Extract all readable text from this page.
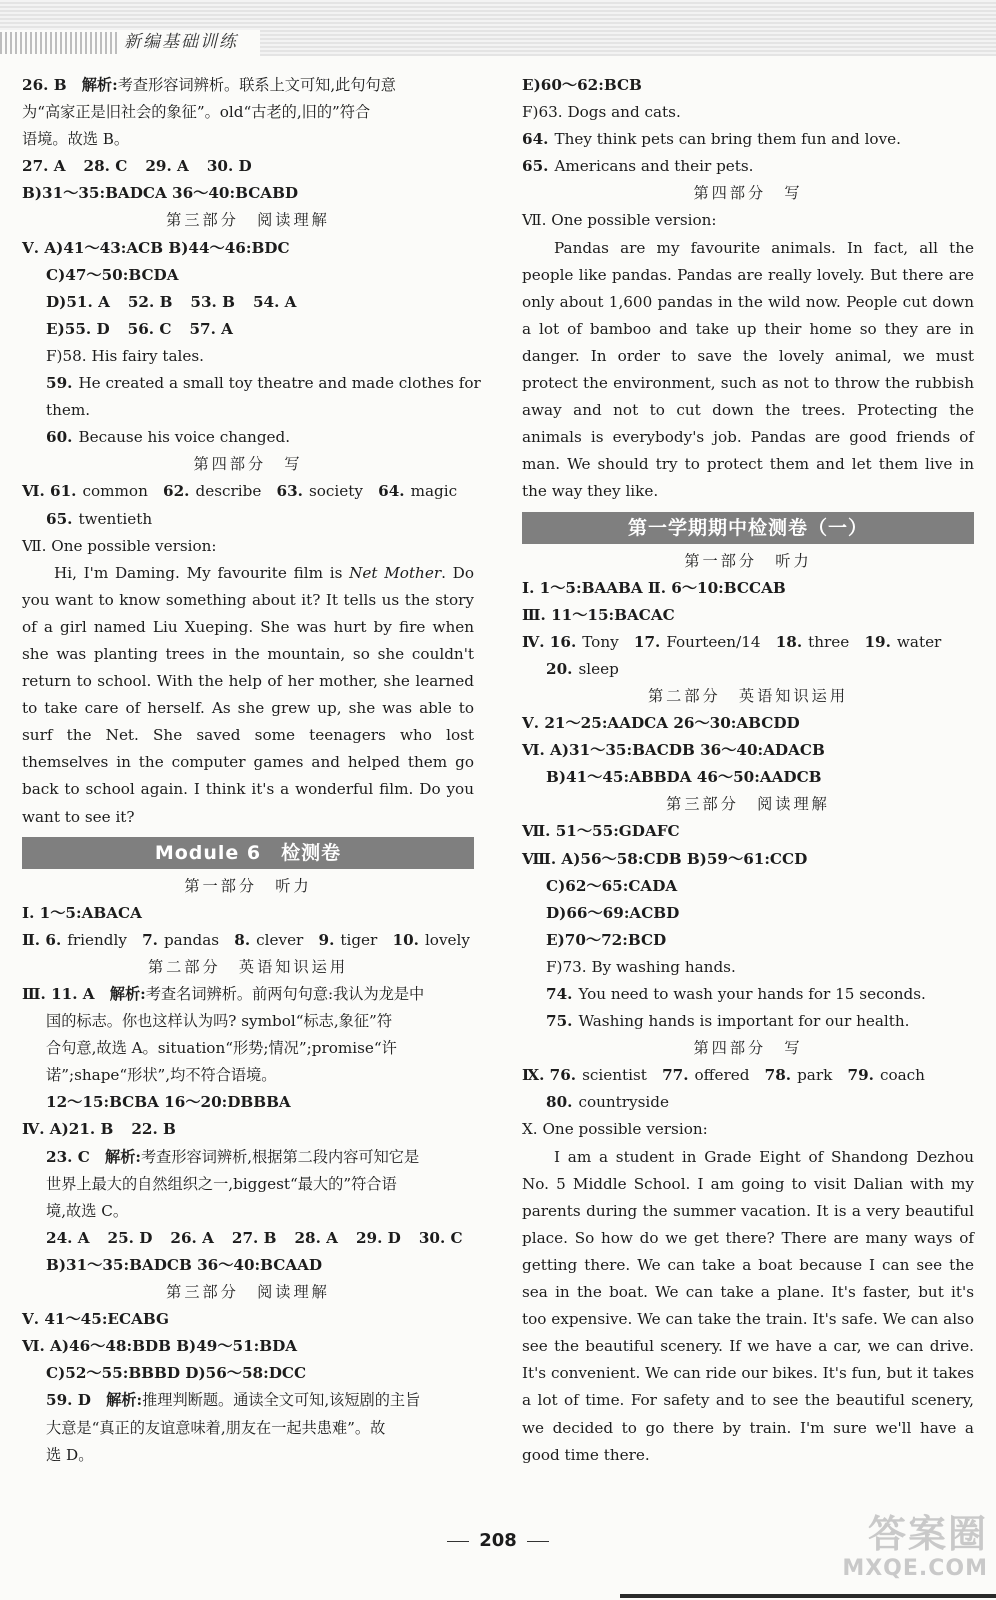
新编基础训练
26. B　 解析:考查形容词辨析。联系上文可知,此句句意
为“高家正是旧社会的象征”。old“古老的,旧的”符合
语境。故选 B。
27. A 28. C 29. A 30. D
B)31～35:BADCA 36～40:BCABD
第三部分　阅读理解
Ⅴ. A)41～43:ACB B)44～46:BDC
C)47～50:BCDA
D)51. A 52. B 53. B 54. A
E)55. D 56. C 57. A
F)58. His fairy tales.
59. He created a small toy theatre and made clothes for
them.
60. Because his voice changed.
第四部分　写
Ⅵ. 61. common　 62. describe　 63. society　 64. magic
65. twentieth
Ⅶ. One possible version:
Hi, I'm Daming. My favourite film is Net Mother. Do you want to know something about it? It tells us the story of a girl named Liu Xueping. She was hurt by fire when she was planting trees in the mountain, so she couldn't return to school. With the help of her mother, she learned to take care of herself. As she grew up, she was able to surf the Net. She saved some teenagers who lost themselves in the computer games and helped them go back to school again. I think it's a wonderful film. Do you want to see it?
Module 6　检测卷
第一部分　听力
Ⅰ. 1～5:ABACA
Ⅱ. 6. friendly　 7. pandas　 8. clever　 9. tiger　 10. lovely
第二部分　英语知识运用
Ⅲ. 11. A　 解析:考查名词辨析。前两句句意:我认为龙是中
国的标志。你也这样认为吗? symbol“标志,象征”符
合句意,故选 A。situation“形势;情况”;promise“许
诺”;shape“形状”,均不符合语境。
12～15:BCBA 16～20:DBBBA
Ⅳ. A)21. B 22. B
23. C　 解析:考查形容词辨析,根据第二段内容可知它是
世界上最大的自然组织之一,biggest“最大的”符合语
境,故选 C。
24. A 25. D 26. A 27. B 28. A 29. D 30. C
B)31～35:BADCB 36～40:BCAAD
第三部分　阅读理解
Ⅴ. 41～45:ECABG
Ⅵ. A)46～48:BDB B)49～51:BDA
C)52～55:BBBD D)56～58:DCC
59. D　 解析:推理判断题。通读全文可知,该短剧的主旨
大意是“真正的友谊意味着,朋友在一起共患难”。故
选 D。
E)60～62:BCB
F)63. Dogs and cats.
64. They think pets can bring them fun and love.
65. Americans and their pets.
第四部分　写
Ⅶ. One possible version:
Pandas are my favourite animals. In fact, all the people like pandas. Pandas are really lovely. But there are only about 1,600 pandas in the wild now. People cut down a lot of bamboo and take up their home so they are in danger. In order to save the lovely animal, we must protect the environment, such as not to throw the rubbish away and not to cut down the trees. Protecting the animals is everybody's job. Pandas are good friends of man. We should try to protect them and let them live in the way they like.
第一学期期中检测卷（一）
第一部分　听力
Ⅰ. 1～5:BAABA Ⅱ. 6～10:BCCAB
Ⅲ. 11～15:BACAC
Ⅳ. 16. Tony　 17. Fourteen/14　 18. three　 19. water
20. sleep
第二部分　英语知识运用
Ⅴ. 21～25:AADCA 26～30:ABCDD
Ⅵ. A)31～35:BACDB 36～40:ADACB
B)41～45:ABBDA 46～50:AADCB
第三部分　阅读理解
Ⅶ. 51～55:GDAFC
Ⅷ. A)56～58:CDB B)59～61:CCD
C)62～65:CADA
D)66～69:ACBD
E)70～72:BCD
F)73. By washing hands.
74. You need to wash your hands for 15 seconds.
75. Washing hands is important for our health.
第四部分　写
Ⅸ. 76. scientist　 77. offered　 78. park　 79. coach
80. countryside
Ⅹ. One possible version:
I am a student in Grade Eight of Shandong Dezhou No. 5 Middle School. I am going to visit Dalian with my parents during the summer vacation. It is a very beautiful place. So how do we get there? There are many ways of getting there. We can take a boat because I can see the sea in the boat. We can take a plane. It's faster, but it's too expensive. We can take the train. It's safe. We can also see the beautiful scenery. If we have a car, we can drive. It's convenient. We can ride our bikes. It's fun, but it takes a lot of time. For safety and to see the beautiful scenery, we decided to go there by train. I'm sure we'll have a good time there.
208	答案圈
MXQE.COM
